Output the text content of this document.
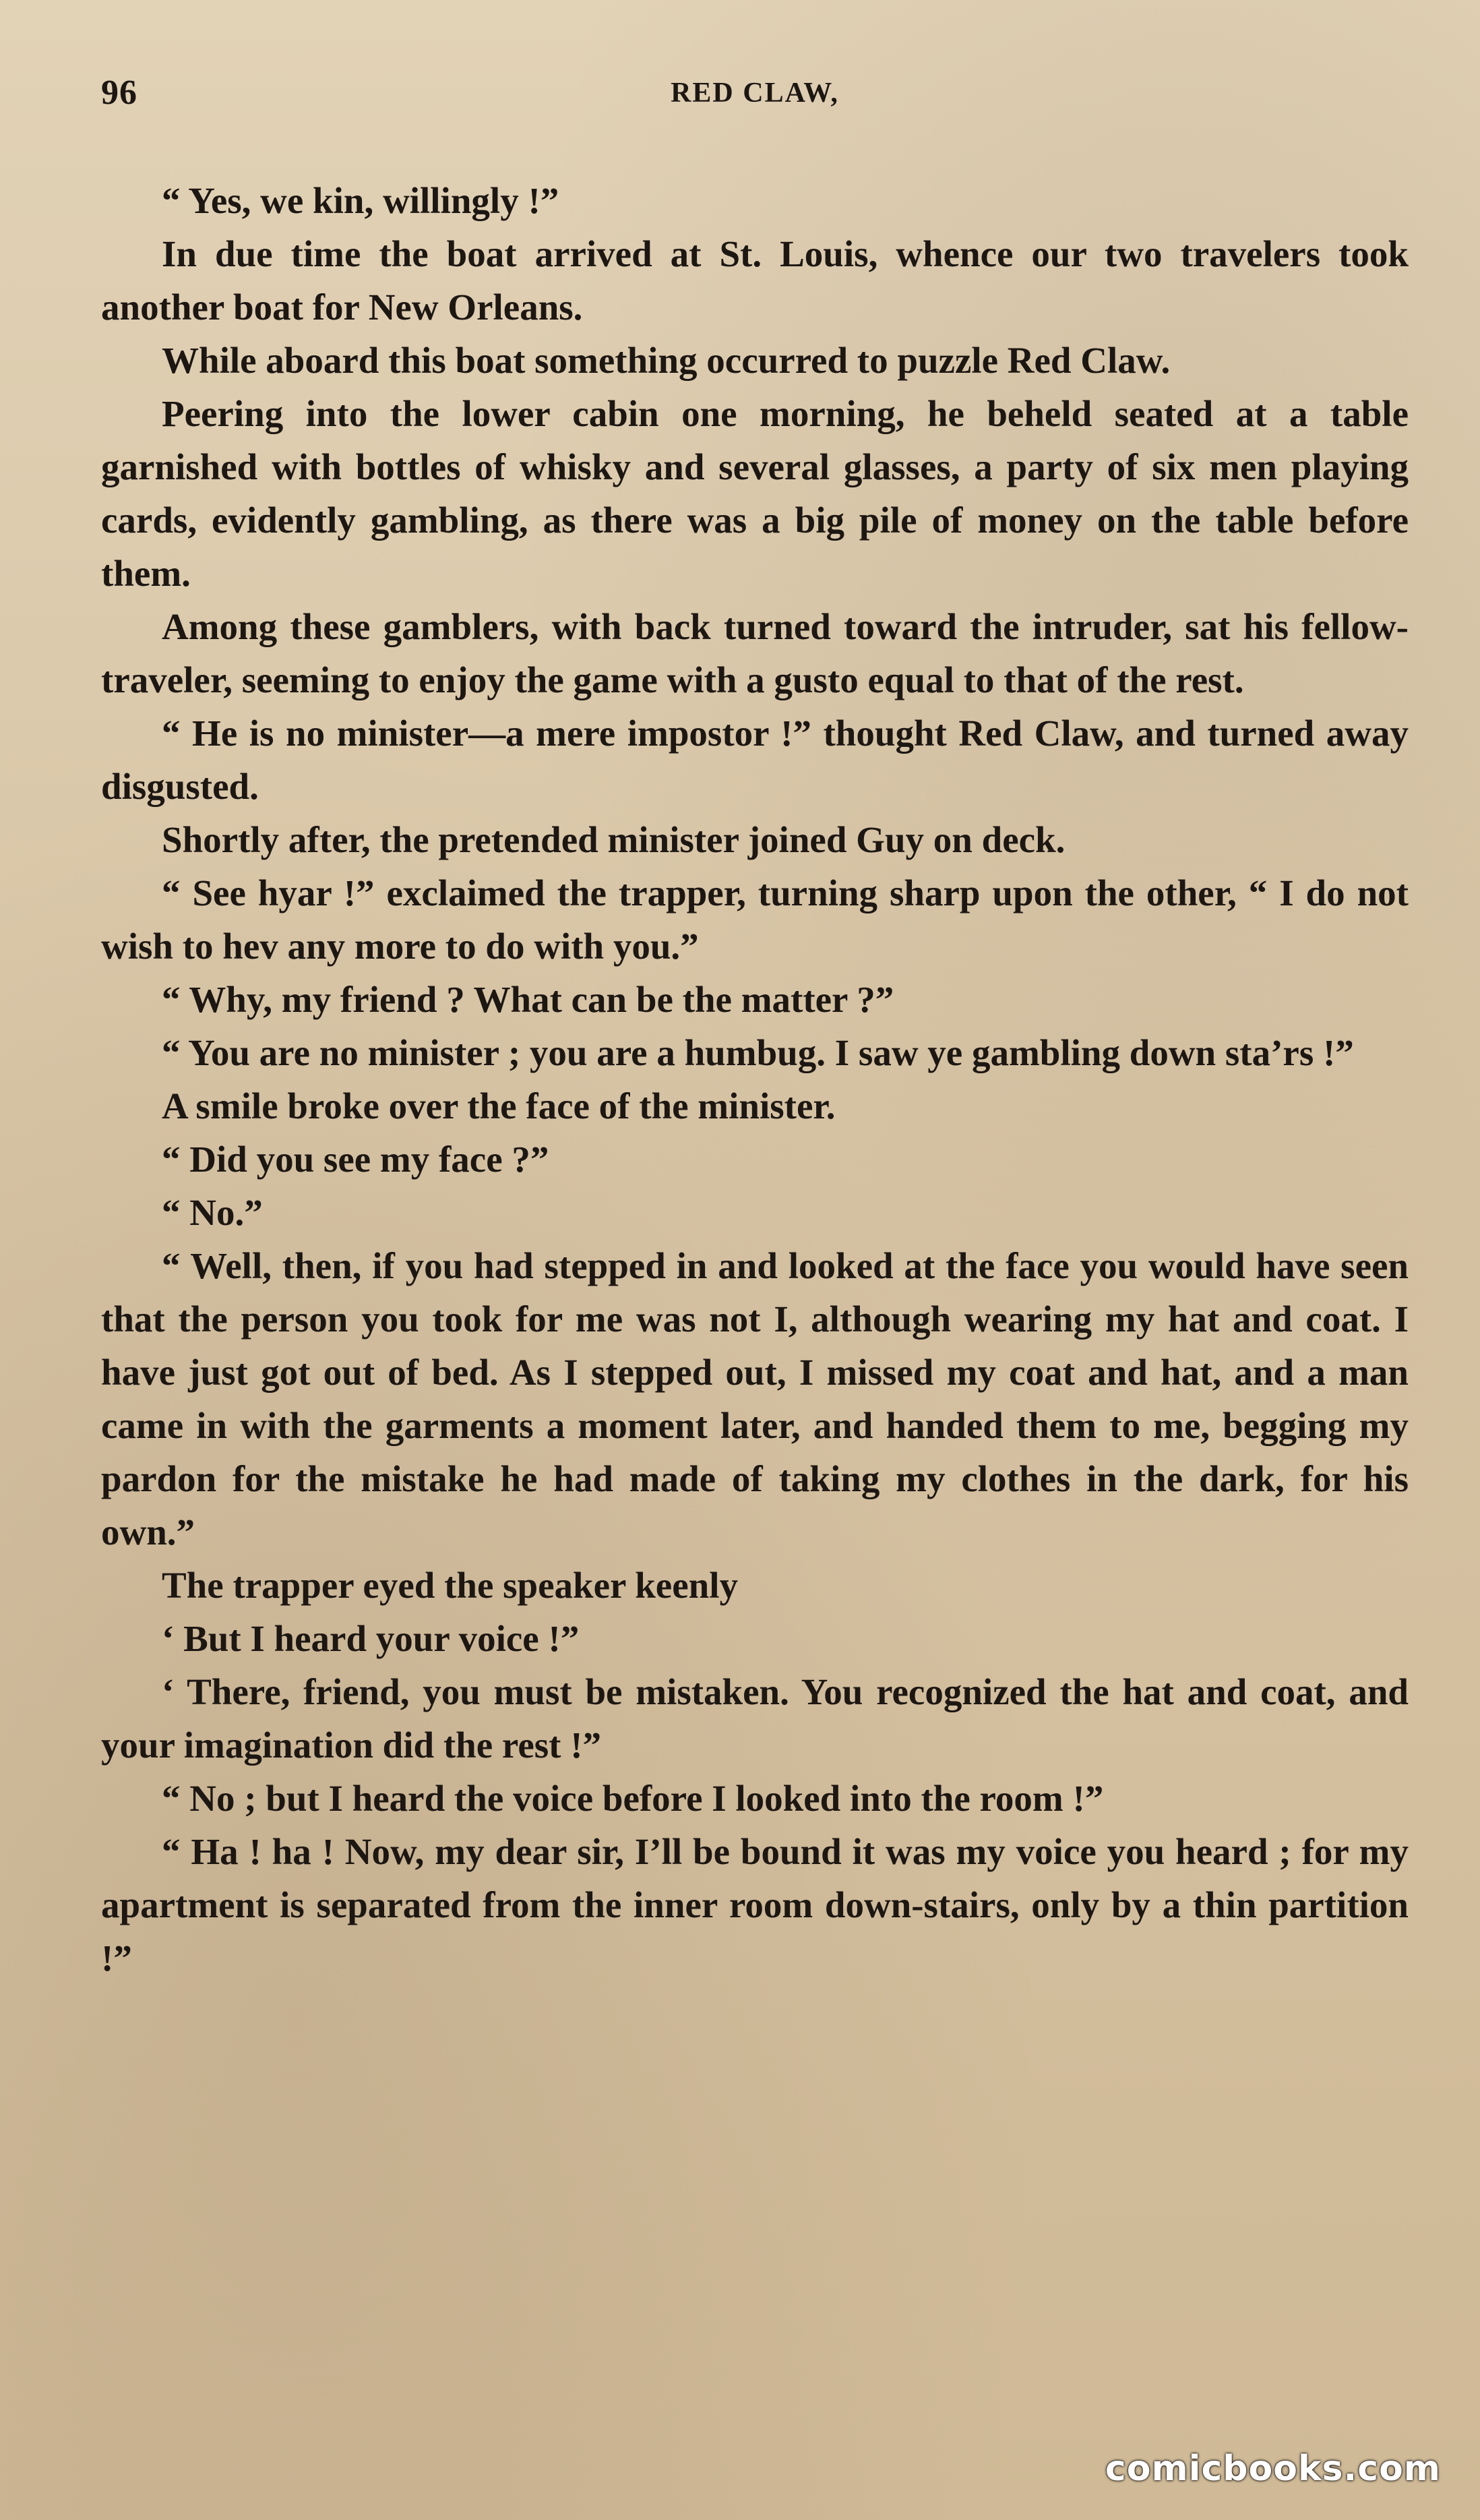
96	RED CLAW,

“ Yes, we kin, willingly !”

In due time the boat arrived at St. Louis, whence our two travelers took another boat for New Orleans.

While aboard this boat something occurred to puzzle Red Claw.

Peering into the lower cabin one morning, he beheld seated at a table garnished with bottles of whisky and several glasses, a party of six men playing cards, evidently gambling, as there was a big pile of money on the table before them.

Among these gamblers, with back turned toward the intruder, sat his fellow-traveler, seeming to enjoy the game with a gusto equal to that of the rest.

“ He is no minister—a mere impostor !” thought Red Claw, and turned away disgusted.

Shortly after, the pretended minister joined Guy on deck.

“ See hyar !” exclaimed the trapper, turning sharp upon the other, “ I do not wish to hev any more to do with you.”

“ Why, my friend ? What can be the matter ?”

“ You are no minister ; you are a humbug. I saw ye gambling down sta’rs !”

A smile broke over the face of the minister.

“ Did you see my face ?”

“ No.”

“ Well, then, if you had stepped in and looked at the face you would have seen that the person you took for me was not I, although wearing my hat and coat. I have just got out of bed. As I stepped out, I missed my coat and hat, and a man came in with the garments a moment later, and handed them to me, begging my pardon for the mistake he had made of taking my clothes in the dark, for his own.”

The trapper eyed the speaker keenly

‘ But I heard your voice !”

‘ There, friend, you must be mistaken. You recognized the hat and coat, and your imagination did the rest !”

“ No ; but I heard the voice before I looked into the room !”

“ Ha ! ha ! Now, my dear sir, I’ll be bound it was my voice you heard ; for my apartment is separated from the inner room down-stairs, only by a thin partition !”

comicbooks.com
